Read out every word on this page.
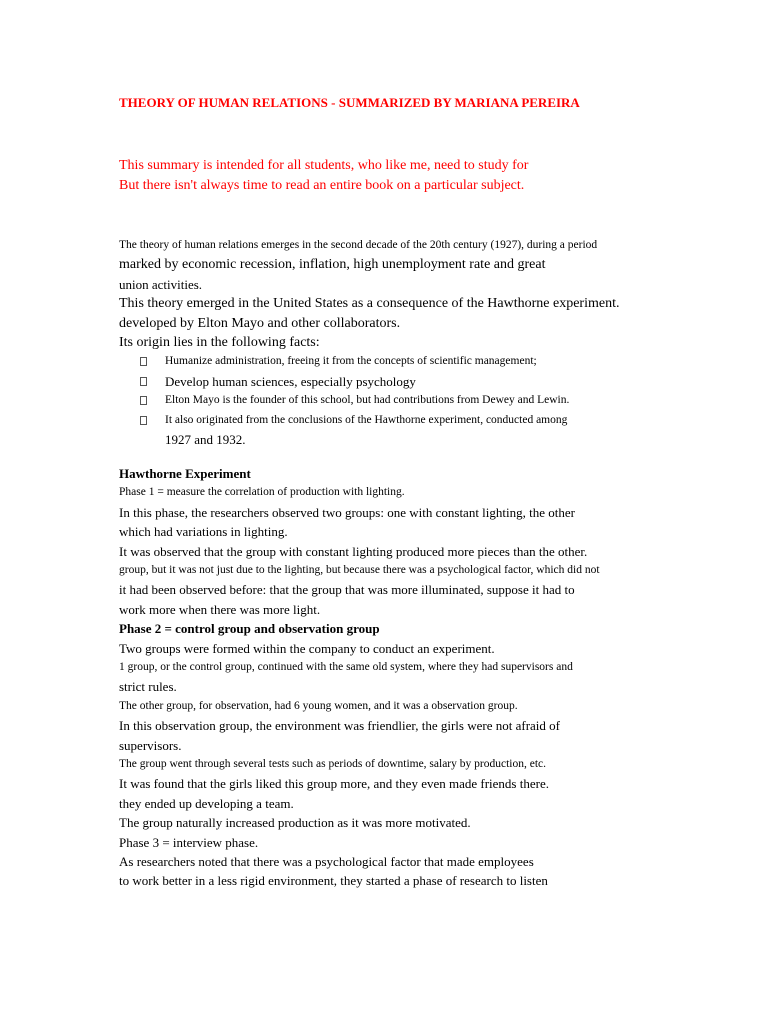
THEORY OF HUMAN RELATIONS - SUMMARIZED BY MARIANA PEREIRA
This summary is intended for all students, who like me, need to study for
But there isn't always time to read an entire book on a particular subject.
The theory of human relations emerges in the second decade of the 20th century (1927), during a period
marked by economic recession, inflation, high unemployment rate and great
union activities.
This theory emerged in the United States as a consequence of the Hawthorne experiment.
developed by Elton Mayo and other collaborators.
Its origin lies in the following facts:
Humanize administration, freeing it from the concepts of scientific management;
Develop human sciences, especially psychology
Elton Mayo is the founder of this school, but had contributions from Dewey and Lewin.
It also originated from the conclusions of the Hawthorne experiment, conducted among
1927 and 1932.
Hawthorne Experiment
Phase 1 = measure the correlation of production with lighting.
In this phase, the researchers observed two groups: one with constant lighting, the other
which had variations in lighting.
It was observed that the group with constant lighting produced more pieces than the other.
group, but it was not just due to the lighting, but because there was a psychological factor, which did not
it had been observed before: that the group that was more illuminated, suppose it had to
work more when there was more light.
Phase 2 = control group and observation group
Two groups were formed within the company to conduct an experiment.
1 group, or the control group, continued with the same old system, where they had supervisors and
strict rules.
The other group, for observation, had 6 young women, and it was a observation group.
In this observation group, the environment was friendlier, the girls were not afraid of
supervisors.
The group went through several tests such as periods of downtime, salary by production, etc.
It was found that the girls liked this group more, and they even made friends there.
they ended up developing a team.
The group naturally increased production as it was more motivated.
Phase 3 = interview phase.
As researchers noted that there was a psychological factor that made employees
to work better in a less rigid environment, they started a phase of research to listen
